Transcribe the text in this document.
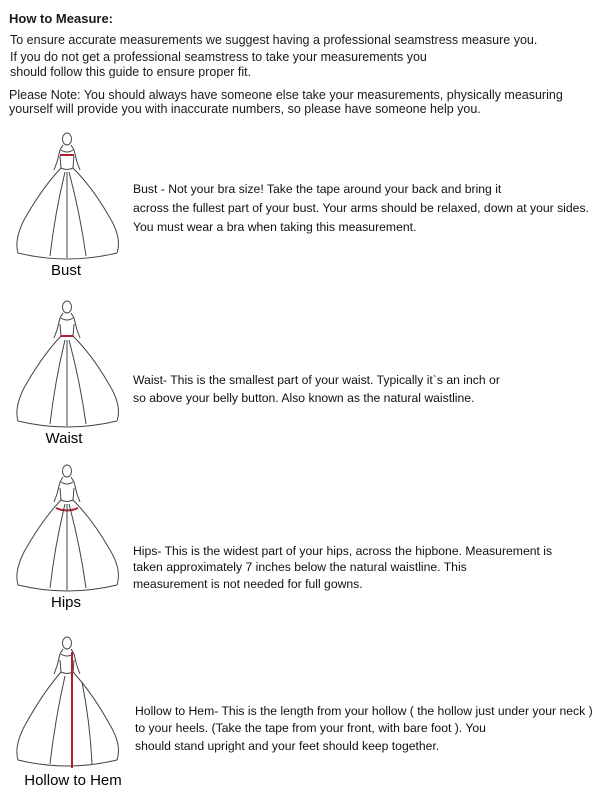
How to Measure:
To ensure accurate measurements we suggest having a professional seamstress measure you.
If you do not get a professional seamstress to take your measurements you
should follow this guide to ensure proper fit.
Please Note: You should always have someone else take your measurements, physically measuring
yourself will provide you with inaccurate numbers, so please have someone help you.
Bust
Bust - Not your bra size! Take the tape around your back and bring it
across the fullest part of your bust. Your arms should be relaxed, down at your sides.
You must wear a bra when taking this measurement.
Waist
Waist- This is the smallest part of your waist. Typically it`s an inch or
so above your belly button. Also known as the natural waistline.
Hips
Hips- This is the widest part of your hips, across the hipbone. Measurement is
taken approximately 7 inches below the natural waistline. This
measurement is not needed for full gowns.
Hollow to Hem
Hollow to Hem- This is the length from your hollow ( the hollow just under your neck )
to your heels. (Take the tape from your front, with bare foot ). You
should stand upright and your feet should keep together.
